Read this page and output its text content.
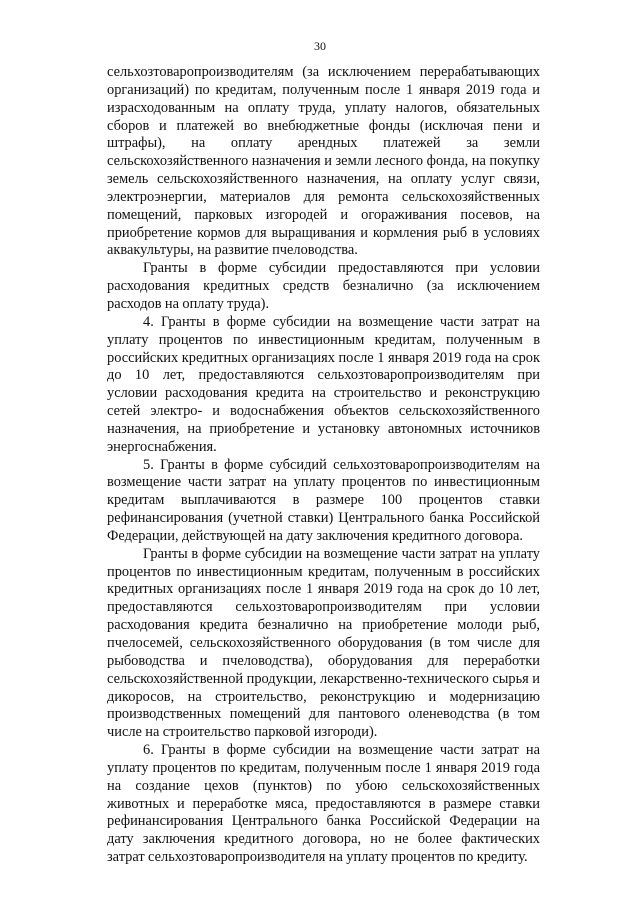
30

сельхозтоваропроизводителям (за исключением перерабатывающих организаций) по кредитам, полученным после 1 января 2019 года и израсходованным на оплату труда, уплату налогов, обязательных сборов и платежей во внебюджетные фонды (исключая пени и штрафы), на оплату арендных платежей за земли сельскохозяйственного назначения и земли лесного фонда, на покупку земель сельскохозяйственного назначения, на оплату услуг связи, электроэнергии, материалов для ремонта сельскохозяйственных помещений, парковых изгородей и огораживания посевов, на приобретение кормов для выращивания и кормления рыб в условиях аквакультуры, на развитие пчеловодства.

Гранты в форме субсидии предоставляются при условии расходования кредитных средств безналично (за исключением расходов на оплату труда).

4. Гранты в форме субсидии на возмещение части затрат на уплату процентов по инвестиционным кредитам, полученным в российских кредитных организациях после 1 января 2019 года на срок до 10 лет, предоставляются сельхозтоваропроизводителям при условии расходования кредита на строительство и реконструкцию сетей электро- и водоснабжения объектов сельскохозяйственного назначения, на приобретение и установку автономных источников энергоснабжения.

5. Гранты в форме субсидий сельхозтоваропроизводителям на возмещение части затрат на уплату процентов по инвестиционным кредитам выплачиваются в размере 100 процентов ставки рефинансирования (учетной ставки) Центрального банка Российской Федерации, действующей на дату заключения кредитного договора.

Гранты в форме субсидии на возмещение части затрат на уплату процентов по инвестиционным кредитам, полученным в российских кредитных организациях после 1 января 2019 года на срок до 10 лет, предоставляются сельхозтоваропроизводителям при условии расходования кредита безналично на приобретение молоди рыб, пчелосемей, сельскохозяйственного оборудования (в том числе для рыбоводства и пчеловодства), оборудования для переработки сельскохозяйственной продукции, лекарственно-технического сырья и дикоросов, на строительство, реконструкцию и модернизацию производственных помещений для пантового оленеводства (в том числе на строительство парковой изгороди).

6. Гранты в форме субсидии на возмещение части затрат на уплату процентов по кредитам, полученным после 1 января 2019 года на создание цехов (пунктов) по убою сельскохозяйственных животных и переработке мяса, предоставляются в размере ставки рефинансирования Центрального банка Российской Федерации на дату заключения кредитного договора, но не более фактических затрат сельхозтоваропроизводителя на уплату процентов по кредиту.
